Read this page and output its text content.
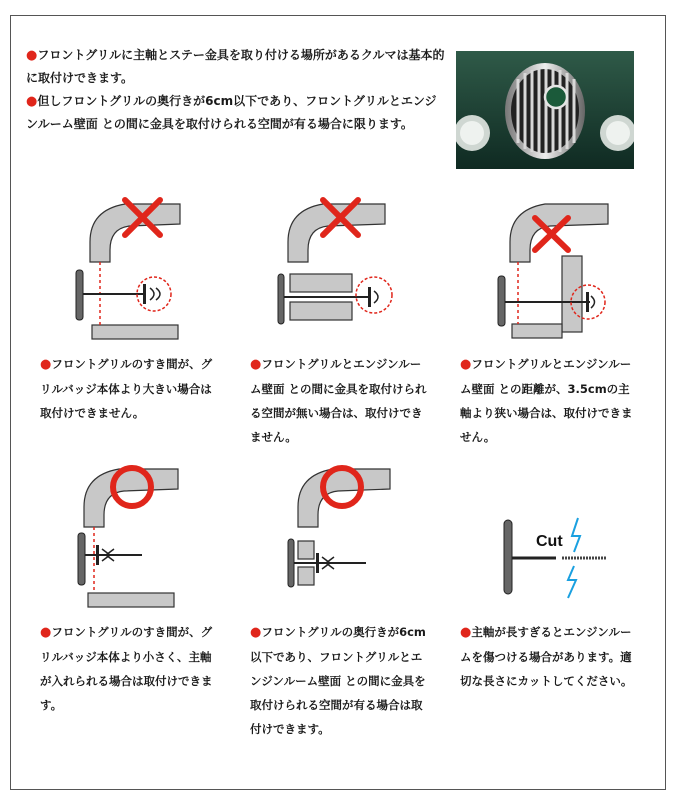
●フロントグリルに主軸とステー金具を取り付ける場所があるクルマは基本的に取付けできます。

●但しフロントグリルの奥行きが6cm以下であり、フロントグリルとエンジンルーム壁面 との間に金具を取付けられる空間が有る場合に限ります。

●フロントグリルのすき間が、グリルバッジ本体より大きい場合は取付けできません。

●フロントグリルとエンジンルーム壁面 との間に金具を取付けられる空間が無い場合は、取付けできません。

●フロントグリルとエンジンルーム壁面 との距離が、3.5cmの主軸より狭い場合は、取付けできません。

Cut

●フロントグリルのすき間が、グリルバッジ本体より小さく、主軸が入れられる場合は取付けできます。

●フロントグリルの奥行きが6cm以下であり、フロントグリルとエンジンルーム壁面 との間に金具を取付けられる空間が有る場合は取付けできます。

●主軸が長すぎるとエンジンルームを傷つける場合があります。適切な長さにカットしてください。
